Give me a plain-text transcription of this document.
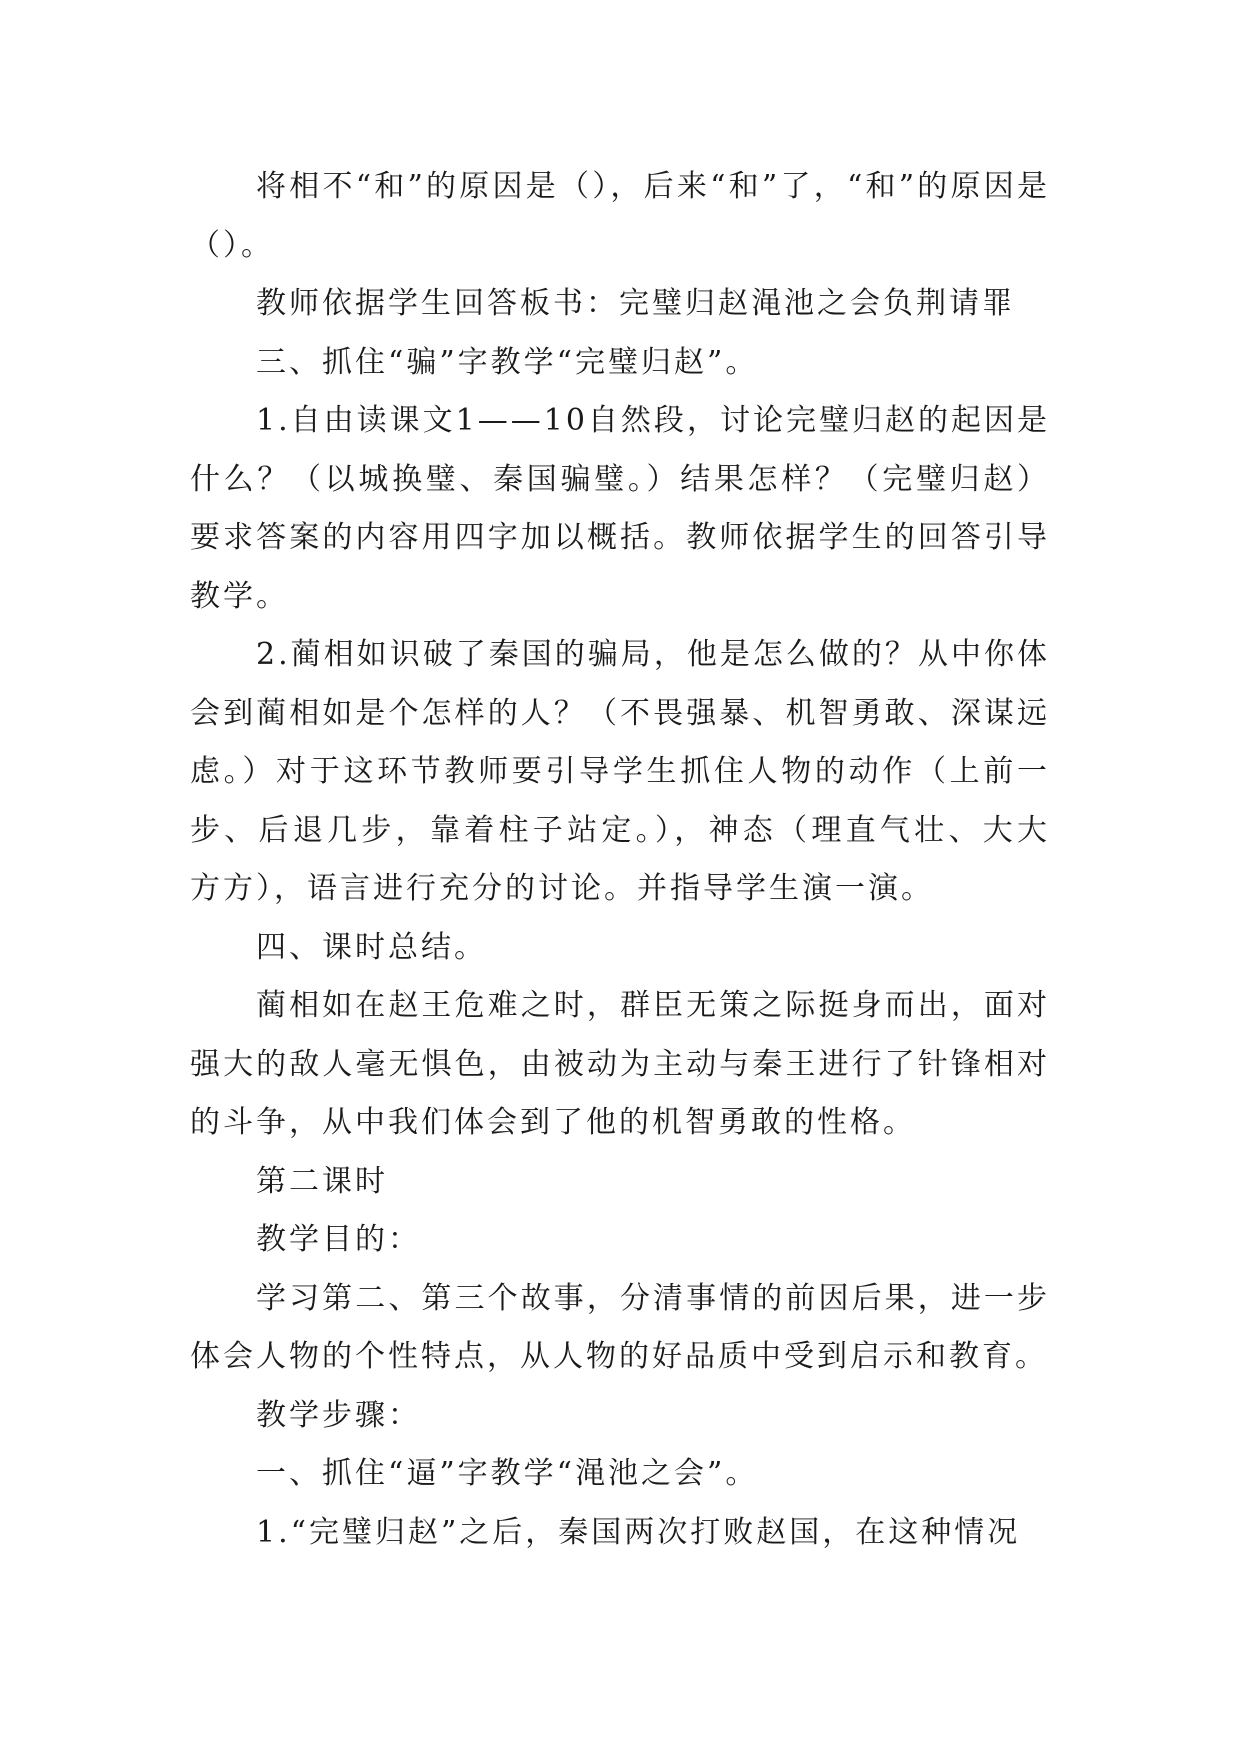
将相不“和”的原因是（），后来“和”了，“和”的原因是（）。

教师依据学生回答板书：完璧归赵渑池之会负荆请罪

三、抓住“骗”字教学“完璧归赵”。

1.自由读课文1——10自然段，讨论完璧归赵的起因是什么？（以城换璧、秦国骗璧。）结果怎样？（完璧归赵）要求答案的内容用四字加以概括。教师依据学生的回答引导教学。

2.蔺相如识破了秦国的骗局，他是怎么做的？从中你体会到蔺相如是个怎样的人？（不畏强暴、机智勇敢、深谋远虑。）对于这环节教师要引导学生抓住人物的动作（上前一步、后退几步，靠着柱子站定。），神态（理直气壮、大大方方），语言进行充分的讨论。并指导学生演一演。

四、课时总结。

蔺相如在赵王危难之时，群臣无策之际挺身而出，面对强大的敌人毫无惧色，由被动为主动与秦王进行了针锋相对的斗争，从中我们体会到了他的机智勇敢的性格。

第二课时

教学目的：

学习第二、第三个故事，分清事情的前因后果，进一步体会人物的个性特点，从人物的好品质中受到启示和教育。

教学步骤：

一、抓住“逼”字教学“渑池之会”。

1.“完璧归赵”之后，秦国两次打败赵国，在这种情况
